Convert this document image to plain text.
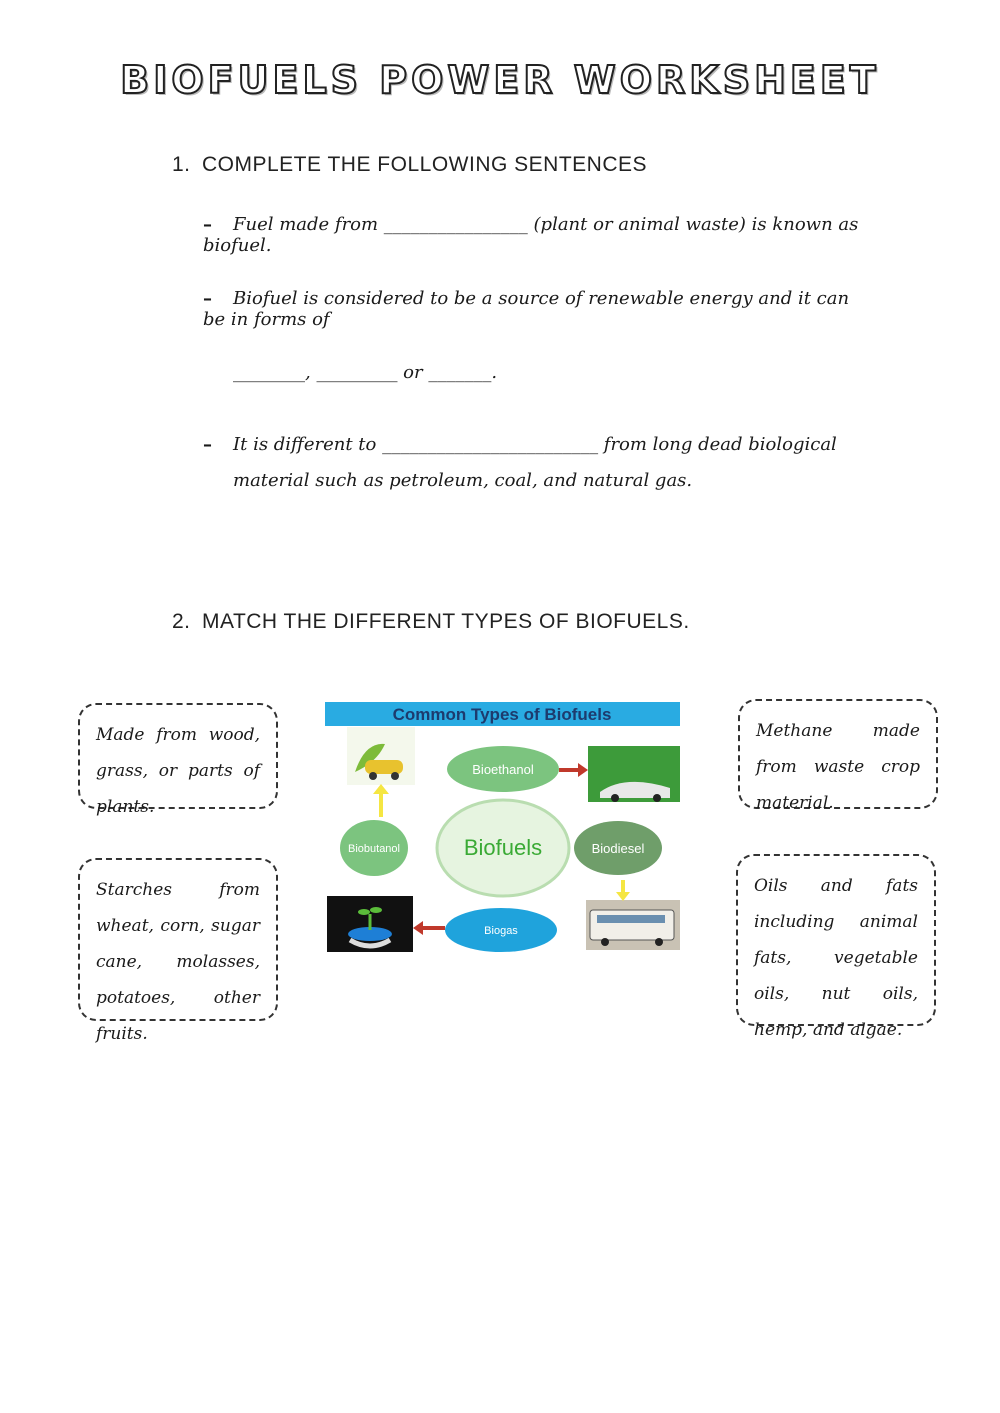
BIOFUELS POWER WORKSHEET
1. COMPLETE THE FOLLOWING SENTENCES
– Fuel made from ________________ (plant or animal waste) is known as biofuel.
– Biofuel is considered to be a source of renewable energy and it can be in forms of
________, _________ or _______.
– It is different to ________________________ from long dead biological
material such as petroleum, coal, and natural gas.
2. MATCH THE DIFFERENT TYPES OF BIOFUELS.
Made from wood, grass, or parts of plants.
Starches from wheat, corn, sugar cane, molasses, potatoes, other fruits.
Methane made from waste crop material.
Oils and fats including animal fats, vegetable oils, nut oils, hemp, and algae.
Common Types of Biofuels
Bioethanol
Biofuels
Biobutanol	Biodiesel
Biogas
